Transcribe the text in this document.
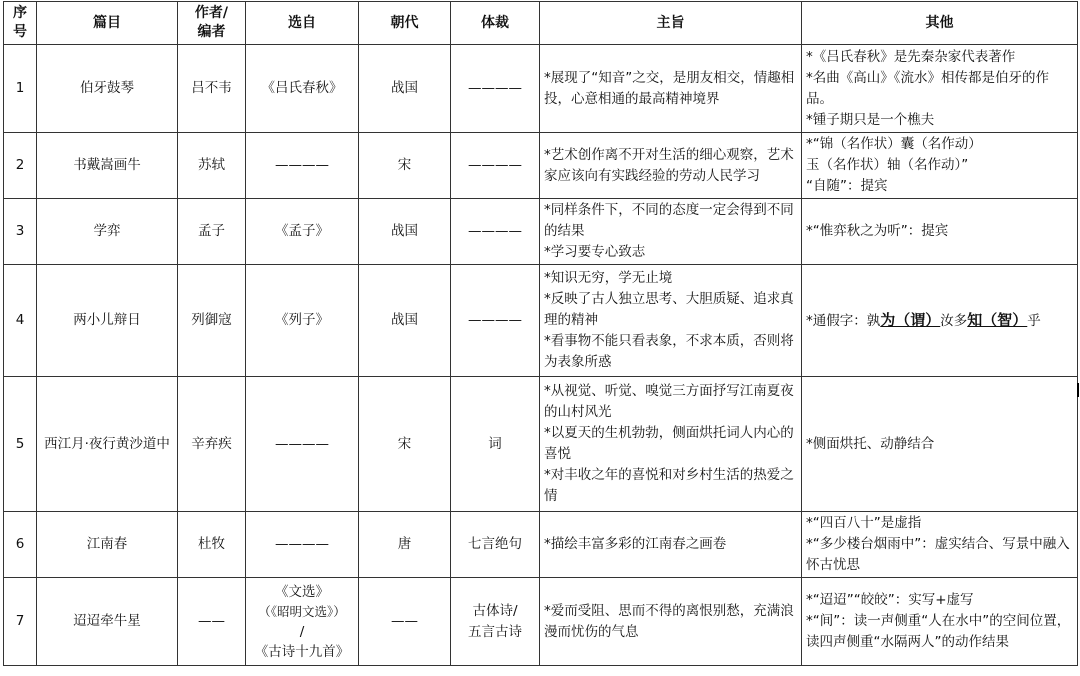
序号	篇目	作者/编者	选自	朝代	体裁	主旨	其他
1	伯牙鼓琴	吕不韦	《吕氏春秋》	战国	————	*展现了“知音”之交，是朋友相交，情趣相投，心意相通的最高精神境界	*《吕氏春秋》是先秦杂家代表著作
*名曲《高山》《流水》相传都是伯牙的作品。
*锺子期只是一个樵夫

2	书戴嵩画牛	苏轼	————	宋	————	*艺术创作离不开对生活的细心观察，艺术家应该向有实践经验的劳动人民学习	*“锦（名作状）囊（名作动）
玉（名作状）轴（名作动）”
“自随”：提宾

3	学弈	孟子	《孟子》	战国	————	*同样条件下，不同的态度一定会得到不同的结果
*学习要专心致志	*“惟弈秋之为听”：提宾

4	两小儿辩日	列御寇	《列子》	战国	————	*知识无穷，学无止境
*反映了古人独立思考、大胆质疑、追求真理的精神
*看事物不能只看表象，不求本质，否则将为表象所惑	*通假字：孰为（谓）汝多知（智）乎
5	西江月·夜行黄沙道中	辛弃疾	————	宋	词	*从视觉、听觉、嗅觉三方面抒写江南夏夜的山村风光
*以夏天的生机勃勃，侧面烘托词人内心的喜悦
*对丰收之年的喜悦和对乡村生活的热爱之情	*侧面烘托、动静结合

6	江南春	杜牧	————	唐	七言绝句	*描绘丰富多彩的江南春之画卷	*“四百八十”是虚指
*“多少楼台烟雨中”：虚实结合、写景中融入怀古忧思

7	迢迢牵牛星	——	《文选》
（《昭明文选》）
/
《古诗十九首》	——	古体诗/
五言古诗	*爱而受阻、思而不得的离恨别愁，充满浪漫而忧伤的气息	*“迢迢”“皎皎”：实写+虚写
*“间”：读一声侧重“人在水中”的空间位置，读四声侧重“水隔两人”的动作结果
